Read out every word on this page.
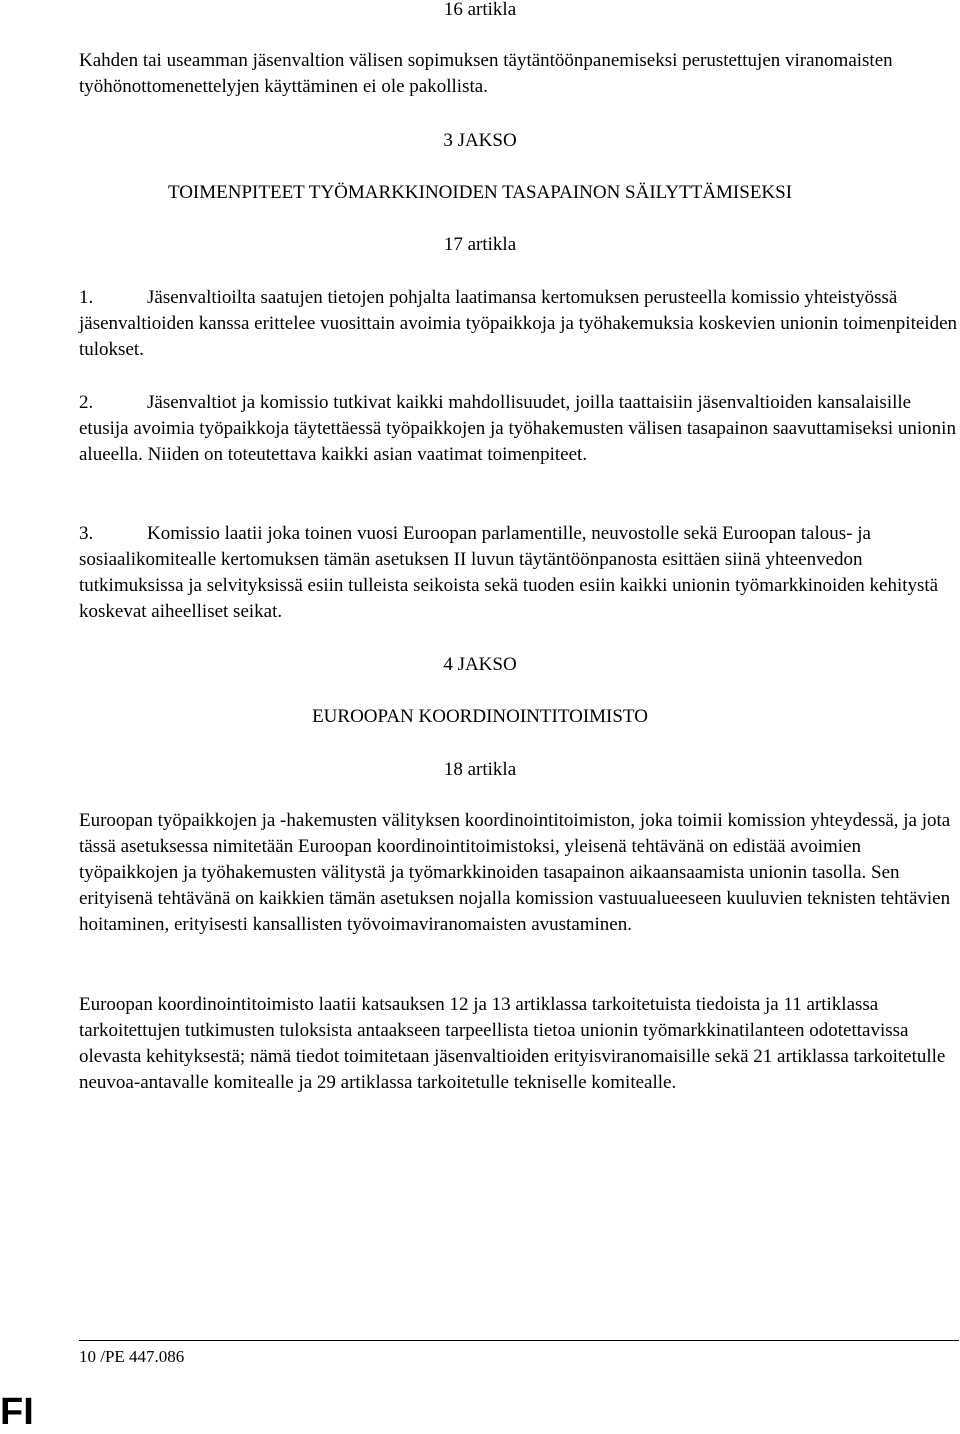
16 artikla

Kahden tai useamman jäsenvaltion välisen sopimuksen täytäntöönpanemiseksi perustettujen viranomaisten työhönottomenettelyjen käyttäminen ei ole pakollista.

3 JAKSO
TOIMENPITEET TYÖMARKKINOIDEN TASAPAINON SÄILYTTÄMISEKSI
17 artikla

1.	Jäsenvaltioilta saatujen tietojen pohjalta laatimansa kertomuksen perusteella komissio yhteistyössä jäsenvaltioiden kanssa erittelee vuosittain avoimia työpaikkoja ja työhakemuksia koskevien unionin toimenpiteiden tulokset.

2.	Jäsenvaltiot ja komissio tutkivat kaikki mahdollisuudet, joilla taattaisiin jäsenvaltioiden kansalaisille etusija avoimia työpaikkoja täytettäessä työpaikkojen ja työhakemusten välisen tasapainon saavuttamiseksi unionin alueella. Niiden on toteutettava kaikki asian vaatimat toimenpiteet.

3.	Komissio laatii joka toinen vuosi Euroopan parlamentille, neuvostolle sekä Euroopan talous- ja sosiaalikomitealle kertomuksen tämän asetuksen II luvun täytäntöönpanosta esittäen siinä yhteenvedon tutkimuksissa ja selvityksissä esiin tulleista seikoista sekä tuoden esiin kaikki unionin työmarkkinoiden kehitystä koskevat aiheelliset seikat.

4 JAKSO
EUROOPAN KOORDINOINTITOIMISTO
18 artikla

Euroopan työpaikkojen ja -hakemusten välityksen koordinointitoimiston, joka toimii komission yhteydessä, ja jota tässä asetuksessa nimitetään Euroopan koordinointitoimistoksi, yleisenä tehtävänä on edistää avoimien työpaikkojen ja työhakemusten välitystä ja työmarkkinoiden tasapainon aikaansaamista unionin tasolla. Sen erityisenä tehtävänä on kaikkien tämän asetuksen nojalla komission vastuualueeseen kuuluvien teknisten tehtävien hoitaminen, erityisesti kansallisten työvoimaviranomaisten avustaminen.

Euroopan koordinointitoimisto laatii katsauksen 12 ja 13 artiklassa tarkoitetuista tiedoista ja 11 artiklassa tarkoitettujen tutkimusten tuloksista antaakseen tarpeellista tietoa unionin työmarkkinatilanteen odotettavissa olevasta kehityksestä; nämä tiedot toimitetaan jäsenvaltioiden erityisviranomaisille sekä 21 artiklassa tarkoitetulle neuvoa-antavalle komitealle ja 29 artiklassa tarkoitetulle tekniselle komitealle.

10 /PE 447.086
FI
